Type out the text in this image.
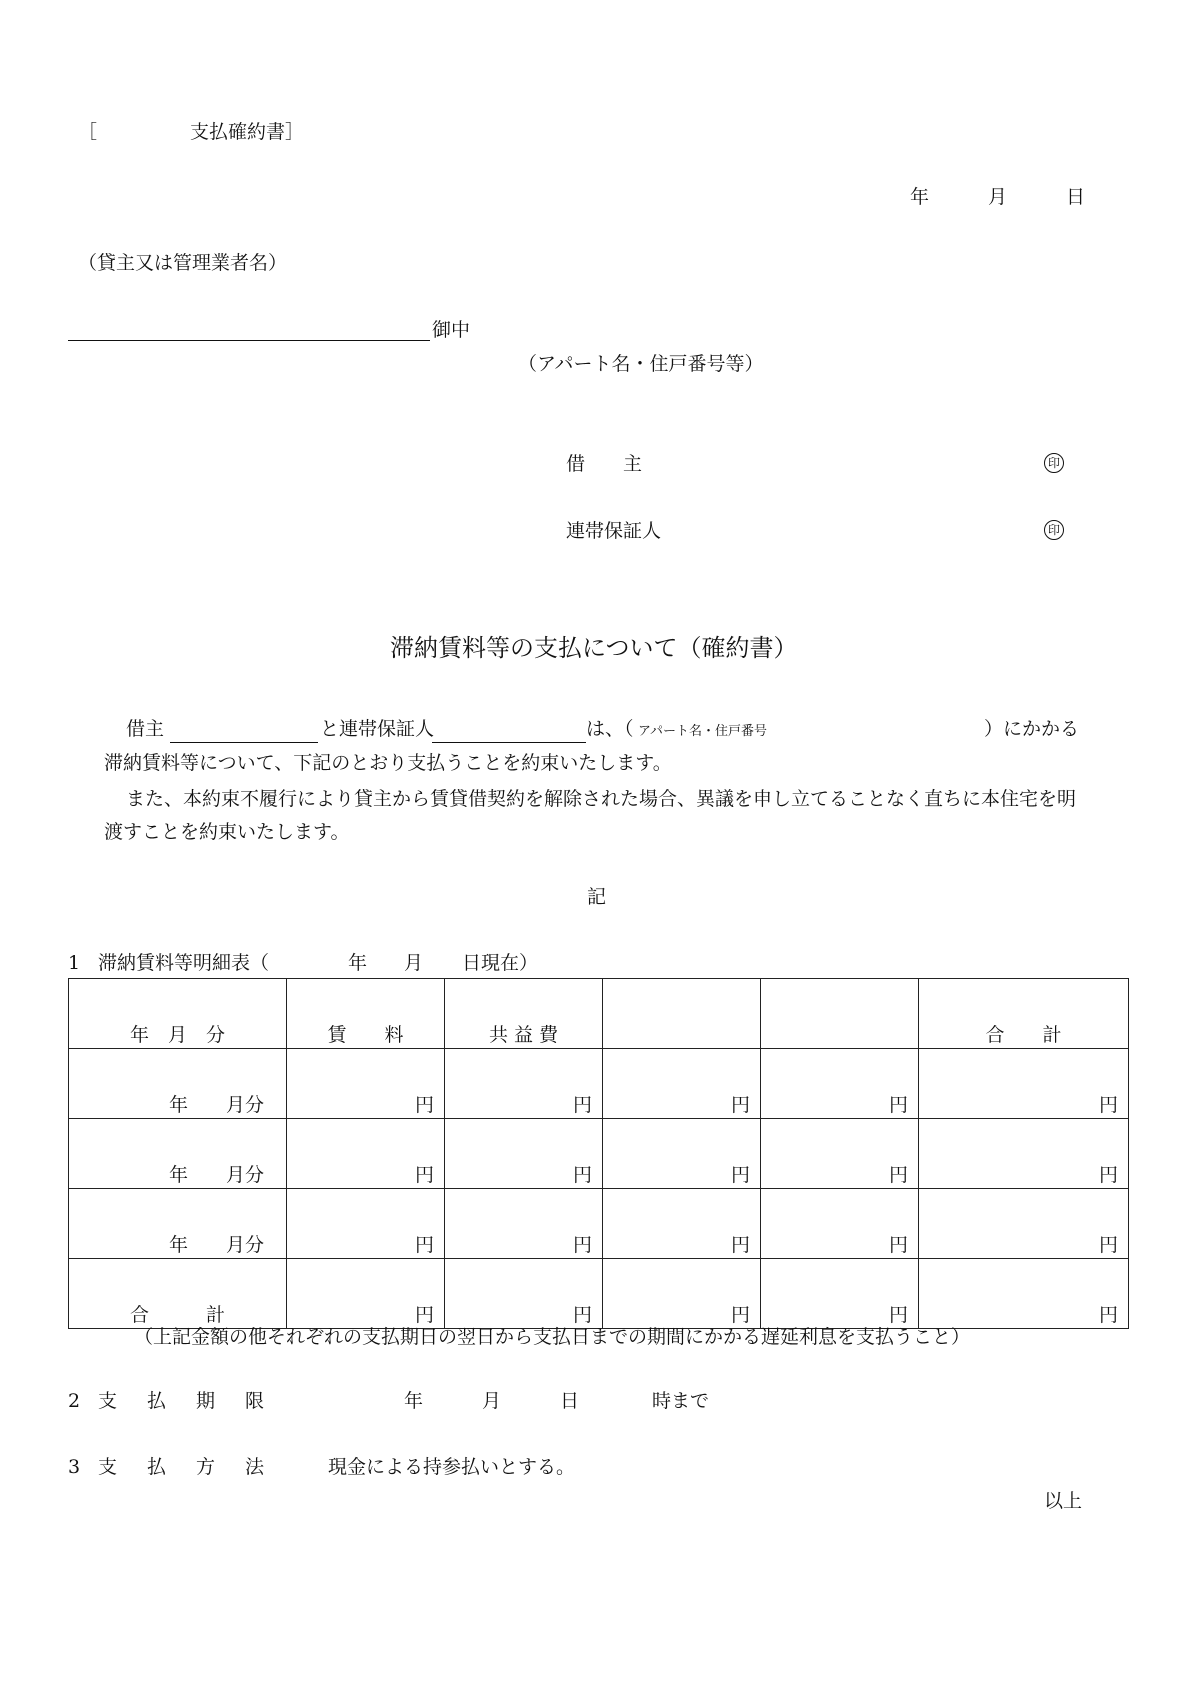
［	支払確約書］
年	月	日
（貸主又は管理業者名）
御中
（アパート名・住戸番号等）
借　　主	印
連帯保証人	印
滞納賃料等の支払について（確約書）
借主	と連帯保証人	は、（ アパート名・住戸番号	）にかかる
滞納賃料等について、下記のとおり支払うことを約束いたします。
また、本約束不履行により貸主から賃貸借契約を解除された場合、異議を申し立てることなく直ちに本住宅を明
渡すことを約束いたします。
記
1 滞納賃料等明細表（	年 月 日現在）
年　月　分	賃　　料	共 益 費			合　　計
年　　月分	円	円	円	円	円
年　　月分	円	円	円	円	円
年　　月分	円	円	円	円	円
合　　　計	円	円	円	円	円
（上記金額の他それぞれの支払期日の翌日から支払日までの期間にかかる遅延利息を支払うこと）
2 支払期限	年	月	日	時まで
3 支払方法 現金による持参払いとする。
以上
